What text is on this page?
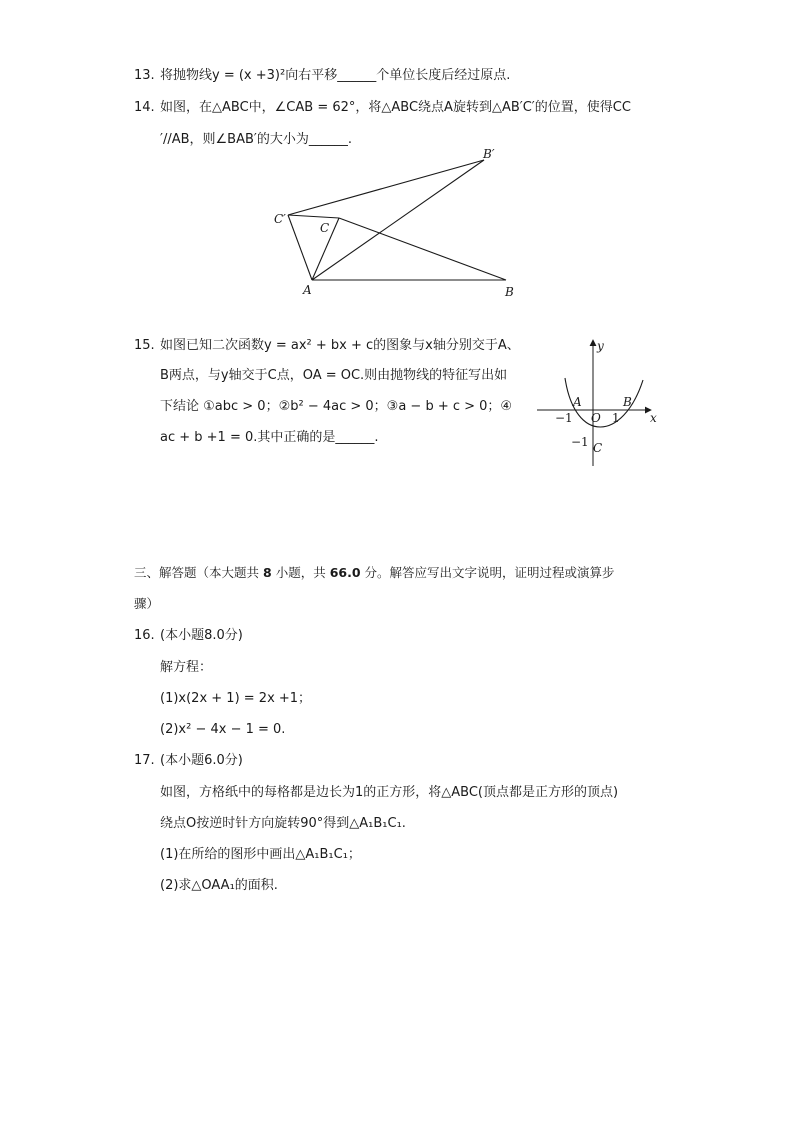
13. 将抛物线y = (x +3)²向右平移______个单位长度后经过原点.
14. 如图，在△ABC中，∠CAB = 62°，将△ABC绕点A旋转到△AB′C′的位置，使得CC
′//AB，则∠BAB′的大小为______.
B′
C′
C
A	B
15. 如图已知二次函数y = ax² + bx + c的图象与x轴分别交于A、
B两点，与y轴交于C点，OA = OC.则由抛物线的特征写出如
下结论 ①abc > 0；②b² − 4ac > 0；③a − b + c > 0；④
ac + b +1 = 0.其中正确的是______.
y
x
A	B
O
C
−1	1
−1
三、解答题（本大题共 8 小题，共 66.0 分。解答应写出文字说明，证明过程或演算步
骤）
16. (本小题8.0分)
解方程：
(1)x(2x + 1) = 2x +1；
(2)x² − 4x − 1 = 0.
17. (本小题6.0分)
如图，方格纸中的每格都是边长为1的正方形，将△ABC(顶点都是正方形的顶点)
绕点O按逆时针方向旋转90°得到△A₁B₁C₁.
(1)在所给的图形中画出△A₁B₁C₁；
(2)求△OAA₁的面积.
